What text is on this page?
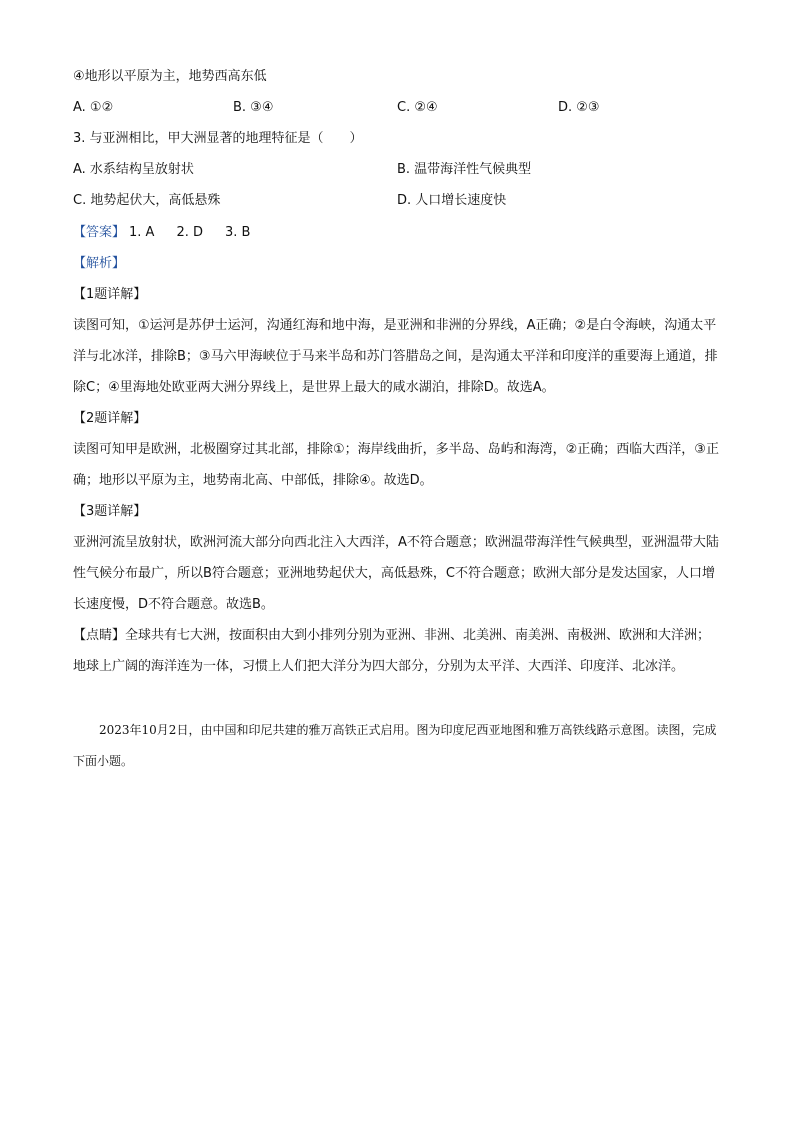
④地形以平原为主，地势西高东低
A. ①②	B. ③④	C. ②④	D. ②③
3. 与亚洲相比，甲大洲显著的地理特征是（　　）
A. 水系结构呈放射状	B. 温带海洋性气候典型
C. 地势起伏大，高低悬殊	D. 人口增长速度快
【答案】 1. A 2. D 3. B
【解析】
【1题详解】
读图可知，①运河是苏伊士运河，沟通红海和地中海，是亚洲和非洲的分界线，A正确；②是白令海峡，沟通太平洋与北冰洋，排除B；③马六甲海峡位于马来半岛和苏门答腊岛之间，是沟通太平洋和印度洋的重要海上通道，排除C；④里海地处欧亚两大洲分界线上，是世界上最大的咸水湖泊，排除D。故选A。
【2题详解】
读图可知甲是欧洲，北极圈穿过其北部，排除①；海岸线曲折，多半岛、岛屿和海湾，②正确；西临大西洋，③正确；地形以平原为主，地势南北高、中部低，排除④。故选D。
【3题详解】
亚洲河流呈放射状，欧洲河流大部分向西北注入大西洋，A不符合题意；欧洲温带海洋性气候典型，亚洲温带大陆性气候分布最广，所以B符合题意；亚洲地势起伏大，高低悬殊，C不符合题意；欧洲大部分是发达国家，人口增长速度慢，D不符合题意。故选B。
【点睛】全球共有七大洲，按面积由大到小排列分别为亚洲、非洲、北美洲、南美洲、南极洲、欧洲和大洋洲；地球上广阔的海洋连为一体，习惯上人们把大洋分为四大部分，分别为太平洋、大西洋、印度洋、北冰洋。
2023年10月2日，由中国和印尼共建的雅万高铁正式启用。图为印度尼西亚地图和雅万高铁线路示意图。读图，完成下面小题。
